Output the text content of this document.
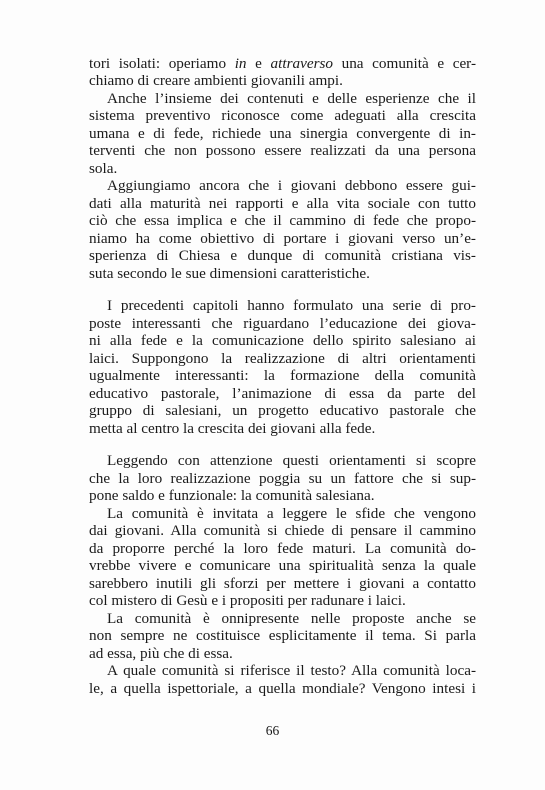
tori isolati: operiamo in e attraverso una comunità e cer-
chiamo di creare ambienti giovanili ampi.
Anche l’insieme dei contenuti e delle esperienze che il
sistema preventivo riconosce come adeguati alla crescita
umana e di fede, richiede una sinergia convergente di in-
terventi che non possono essere realizzati da una persona
sola.
Aggiungiamo ancora che i giovani debbono essere gui-
dati alla maturità nei rapporti e alla vita sociale con tutto
ciò che essa implica e che il cammino di fede che propo-
niamo ha come obiettivo di portare i giovani verso un’e-
sperienza di Chiesa e dunque di comunità cristiana vis-
suta secondo le sue dimensioni caratteristiche.
I precedenti capitoli hanno formulato una serie di pro-
poste interessanti che riguardano l’educazione dei giova-
ni alla fede e la comunicazione dello spirito salesiano ai
laici. Suppongono la realizzazione di altri orientamenti
ugualmente interessanti: la formazione della comunità
educativo pastorale, l’animazione di essa da parte del
gruppo di salesiani, un progetto educativo pastorale che
metta al centro la crescita dei giovani alla fede.
Leggendo con attenzione questi orientamenti si scopre
che la loro realizzazione poggia su un fattore che si sup-
pone saldo e funzionale: la comunità salesiana.
La comunità è invitata a leggere le sfide che vengono
dai giovani. Alla comunità si chiede di pensare il cammino
da proporre perché la loro fede maturi. La comunità do-
vrebbe vivere e comunicare una spiritualità senza la quale
sarebbero inutili gli sforzi per mettere i giovani a contatto
col mistero di Gesù e i propositi per radunare i laici.
La comunità è onnipresente nelle proposte anche se
non sempre ne costituisce esplicitamente il tema. Si parla
ad essa, più che di essa.
A quale comunità si riferisce il testo? Alla comunità loca-
le, a quella ispettoriale, a quella mondiale? Vengono intesi i
66
